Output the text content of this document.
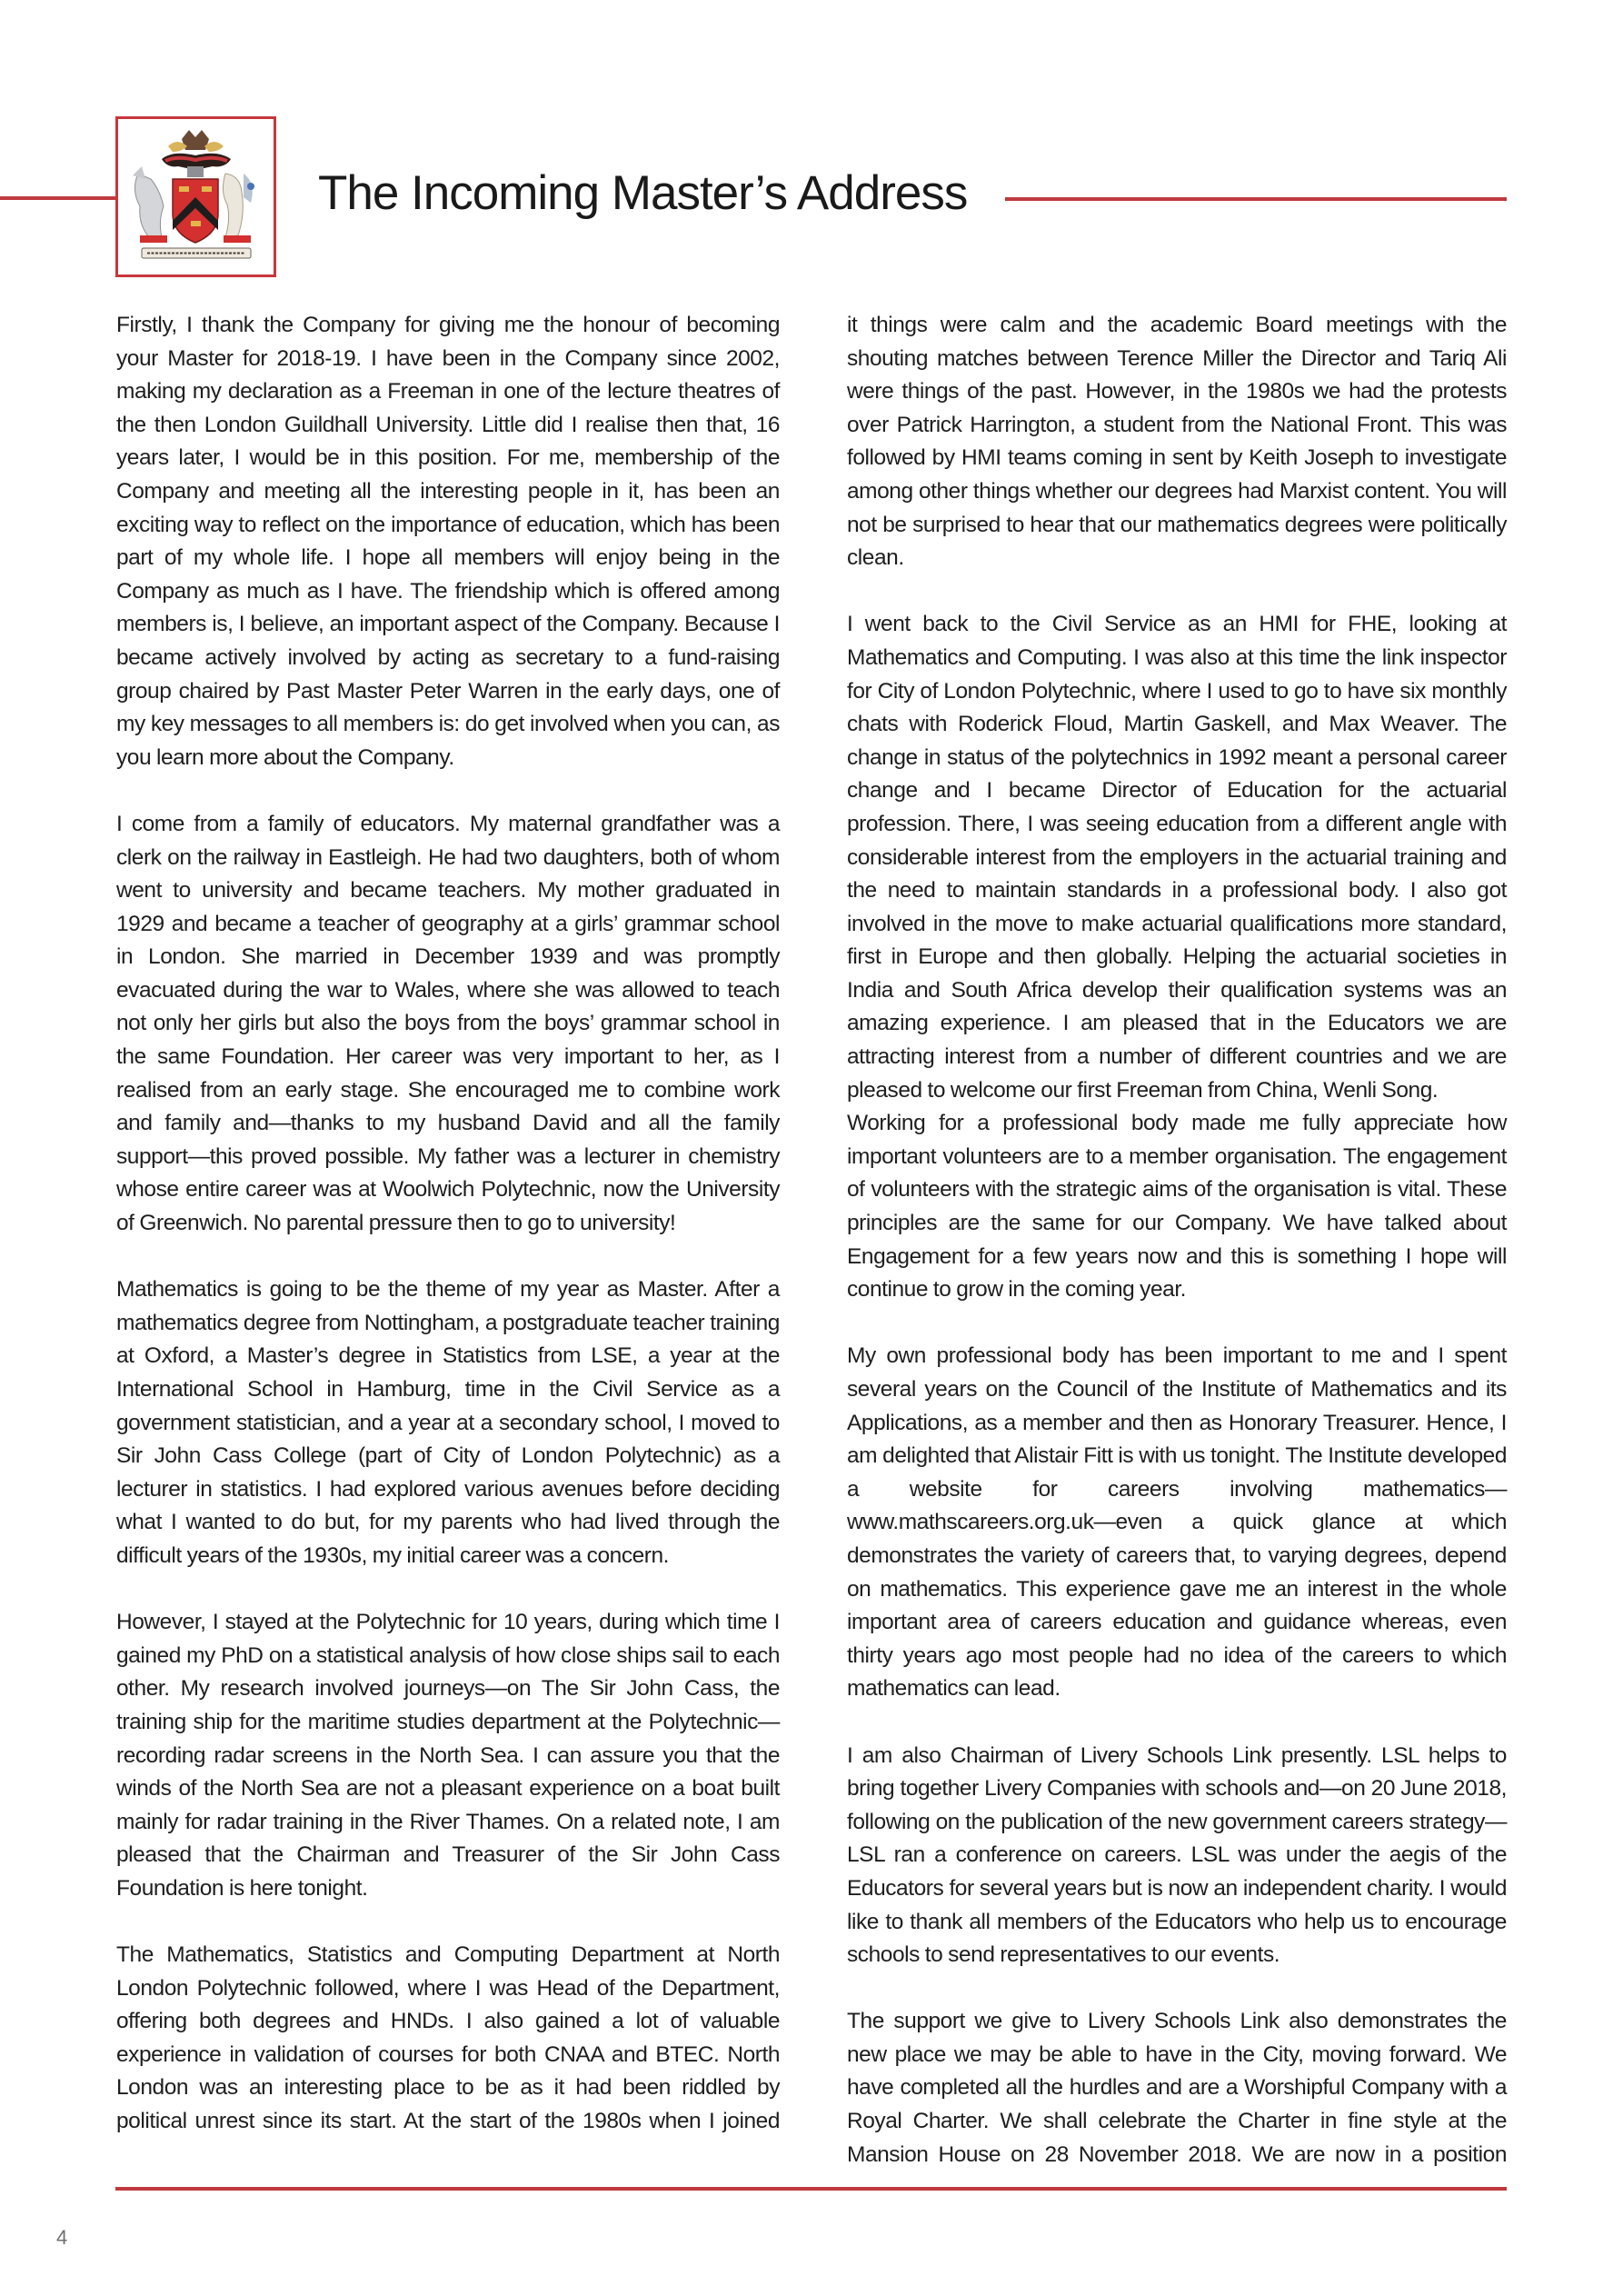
The Incoming Master’s Address

Firstly, I thank the Company for giving me the honour of becoming your Master for 2018-19. I have been in the Company since 2002, making my declaration as a Freeman in one of the lecture theatres of the then London Guildhall University. Little did I realise then that, 16 years later, I would be in this position. For me, membership of the Company and meeting all the interesting people in it, has been an exciting way to reflect on the importance of education, which has been part of my whole life. I hope all members will enjoy being in the Company as much as I have. The friendship which is offered among members is, I believe, an important aspect of the Company. Because I became actively involved by acting as secretary to a fund-raising group chaired by Past Master Peter Warren in the early days, one of my key messages to all members is: do get involved when you can, as you learn more about the Company.

I come from a family of educators. My maternal grandfather was a clerk on the railway in Eastleigh. He had two daughters, both of whom went to university and became teachers. My mother graduated in 1929 and became a teacher of geography at a girls’ grammar school in London. She married in December 1939 and was promptly evacuated during the war to Wales, where she was allowed to teach not only her girls but also the boys from the boys’ grammar school in the same Foundation. Her career was very important to her, as I realised from an early stage. She encouraged me to combine work and family and—thanks to my husband David and all the family support—this proved possible. My father was a lecturer in chemistry whose entire career was at Woolwich Polytechnic, now the University of Greenwich. No parental pressure then to go to university!

Mathematics is going to be the theme of my year as Master. After a mathematics degree from Nottingham, a postgraduate teacher training at Oxford, a Master’s degree in Statistics from LSE, a year at the International School in Hamburg, time in the Civil Service as a government statistician, and a year at a secondary school, I moved to Sir John Cass College (part of City of London Polytechnic) as a lecturer in statistics. I had explored various avenues before deciding what I wanted to do but, for my parents who had lived through the difficult years of the 1930s, my initial career was a concern.

However, I stayed at the Polytechnic for 10 years, during which time I gained my PhD on a statistical analysis of how close ships sail to each other. My research involved journeys—on The Sir John Cass, the training ship for the maritime studies department at the Polytechnic—recording radar screens in the North Sea. I can assure you that the winds of the North Sea are not a pleasant experience on a boat built mainly for radar training in the River Thames. On a related note, I am pleased that the Chairman and Treasurer of the Sir John Cass Foundation is here tonight.

The Mathematics, Statistics and Computing Department at North London Polytechnic followed, where I was Head of the Department, offering both degrees and HNDs. I also gained a lot of valuable experience in validation of courses for both CNAA and BTEC. North London was an interesting place to be as it had been riddled by political unrest since its start. At the start of the 1980s when I joined

it things were calm and the academic Board meetings with the shouting matches between Terence Miller the Director and Tariq Ali were things of the past. However, in the 1980s we had the protests over Patrick Harrington, a student from the National Front. This was followed by HMI teams coming in sent by Keith Joseph to investigate among other things whether our degrees had Marxist content. You will not be surprised to hear that our mathematics degrees were politically clean.

I went back to the Civil Service as an HMI for FHE, looking at Mathematics and Computing. I was also at this time the link inspector for City of London Polytechnic, where I used to go to have six monthly chats with Roderick Floud, Martin Gaskell, and Max Weaver. The change in status of the polytechnics in 1992 meant a personal career change and I became Director of Education for the actuarial profession. There, I was seeing education from a different angle with considerable interest from the employers in the actuarial training and the need to maintain standards in a professional body. I also got involved in the move to make actuarial qualifications more standard, first in Europe and then globally. Helping the actuarial societies in India and South Africa develop their qualification systems was an amazing experience. I am pleased that in the Educators we are attracting interest from a number of different countries and we are pleased to welcome our first Freeman from China, Wenli Song.

Working for a professional body made me fully appreciate how important volunteers are to a member organisation. The engagement of volunteers with the strategic aims of the organisation is vital. These principles are the same for our Company. We have talked about Engagement for a few years now and this is something I hope will continue to grow in the coming year.

My own professional body has been important to me and I spent several years on the Council of the Institute of Mathematics and its Applications, as a member and then as Honorary Treasurer. Hence, I am delighted that Alistair Fitt is with us tonight. The Institute developed a website for careers involving mathematics—www.mathscareers.org.uk—even a quick glance at which demonstrates the variety of careers that, to varying degrees, depend on mathematics. This experience gave me an interest in the whole important area of careers education and guidance whereas, even thirty years ago most people had no idea of the careers to which mathematics can lead.

I am also Chairman of Livery Schools Link presently. LSL helps to bring together Livery Companies with schools and—on 20 June 2018, following on the publication of the new government careers strategy—LSL ran a conference on careers. LSL was under the aegis of the Educators for several years but is now an independent charity. I would like to thank all members of the Educators who help us to encourage schools to send representatives to our events.

The support we give to Livery Schools Link also demonstrates the new place we may be able to have in the City, moving forward. We have completed all the hurdles and are a Worshipful Company with a Royal Charter. We shall celebrate the Charter in fine style at the Mansion House on 28 November 2018. We are now in a position

4
